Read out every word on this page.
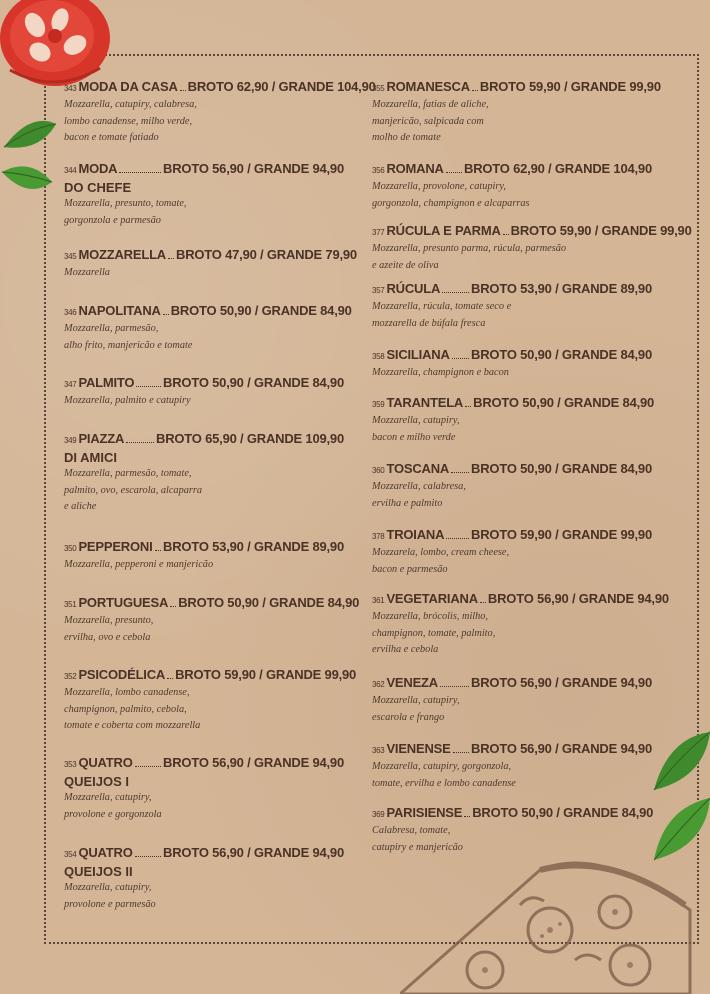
343 MODA DA CASA BROTO 62,90 / GRANDE 104,90
Mozzarella, catupiry, calabresa,
lombo canadense, milho verde,
bacon e tomate fatiado
344 MODA	BROTO 56,90 / GRANDE 94,90
DO CHEFE
Mozzarella, presunto, tomate,
gorgonzola e parmesão
345 MOZZARELLA BROTO 47,90 / GRANDE 79,90
Mozzarella
346 NAPOLITANA BROTO 50,90 / GRANDE 84,90
Mozzarella, parmesão,
alho frito, manjericão e tomate
347 PALMITO BROTO 50,90 / GRANDE 84,90
Mozzarella, palmito e catupiry
349 PIAZZA BROTO 65,90 / GRANDE 109,90
DI AMICI
Mozzarella, parmesão, tomate,
palmito, ovo, escarola, alcaparra
e aliche
350 PEPPERONI BROTO 53,90 / GRANDE 89,90
Mozzarella, pepperoni e manjericão
351 PORTUGUESA BROTO 50,90 / GRANDE 84,90
Mozzarella, presunto,
ervilha, ovo e cebola
352 PSICODÉLICA BROTO 59,90 / GRANDE 99,90
Mozzarella, lombo canadense,
champignon, palmito, cebola,
tomate e coberta com mozzarella
353 QUATRO BROTO 56,90 / GRANDE 94,90
QUEIJOS I
Mozzarella, catupiry,
provolone e gorgonzola
354 QUATRO BROTO 56,90 / GRANDE 94,90
QUEIJOS II
Mozzarella, catupiry,
provolone e parmesão
355 ROMANESCA BROTO 59,90 / GRANDE 99,90
Mozzarella, fatias de aliche,
manjericão, salpicada com
molho de tomate
356 ROMANA BROTO 62,90 / GRANDE 104,90
Mozzarella, provolone, catupiry,
gorgonzola, champignon e alcaparras
377 RÚCULA E PARMA BROTO 59,90 / GRANDE 99,90
Mozzarella, presunto parma, rúcula, parmesão
e azeite de oliva
357 RÚCULA BROTO 53,90 / GRANDE 89,90
Mozzarella, rúcula, tomate seco e
mozzarella de búfala fresca
358 SICILIANA BROTO 50,90 / GRANDE 84,90
Mozzarella, champignon e bacon
359 TARANTELA BROTO 50,90 / GRANDE 84,90
Mozzarella, catupiry,
bacon e milho verde
360 TOSCANA BROTO 50,90 / GRANDE 84,90
Mozzarella, calabresa,
ervilha e palmito
378 TROIANA BROTO 59,90 / GRANDE 99,90
Mozzarela, lombo, cream cheese,
bacon e parmesão
361 VEGETARIANA BROTO 56,90 / GRANDE 94,90
Mozzarella, brócolis, milho,
champignon, tomate, palmito,
ervilha e cebola
362 VENEZA	BROTO 56,90 / GRANDE 94,90
Mozzarella, catupiry,
escarola e frango
363 VIENENSE BROTO 56,90 / GRANDE 94,90
Mozzarella, catupiry, gorgonzola,
tomate, ervilha e lombo canadense
369 PARISIENSE BROTO 50,90 / GRANDE 84,90
Calabresa, tomate,
catupiry e manjericão
